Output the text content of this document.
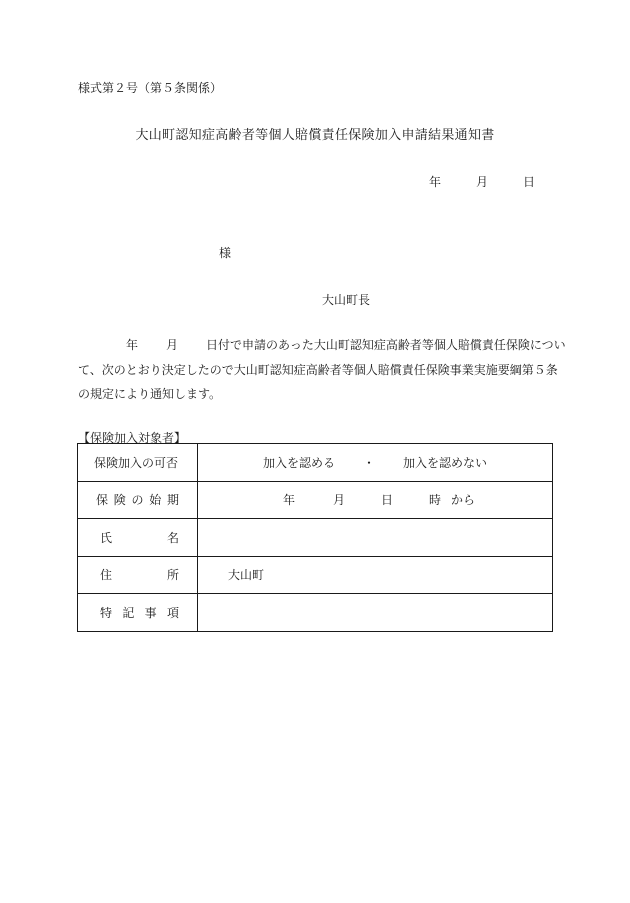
様式第２号（第５条関係）
大山町認知症高齢者等個人賠償責任保険加入申請結果通知書
年	月	日
様
大山町長
年 月 日付で申請のあった大山町認知症高齢者等個人賠償責任保険につい
て、次のとおり決定したので大山町認知症高齢者等個人賠償責任保険事業実施要綱第５条
の規定により通知します。
【保険加入対象者】
保険加入の可否	加入を認める ・ 加入を認めない

保 険 の 始 期	年 月 日 時 から

氏 名	

住 所	大山町

特 記 事 項	
